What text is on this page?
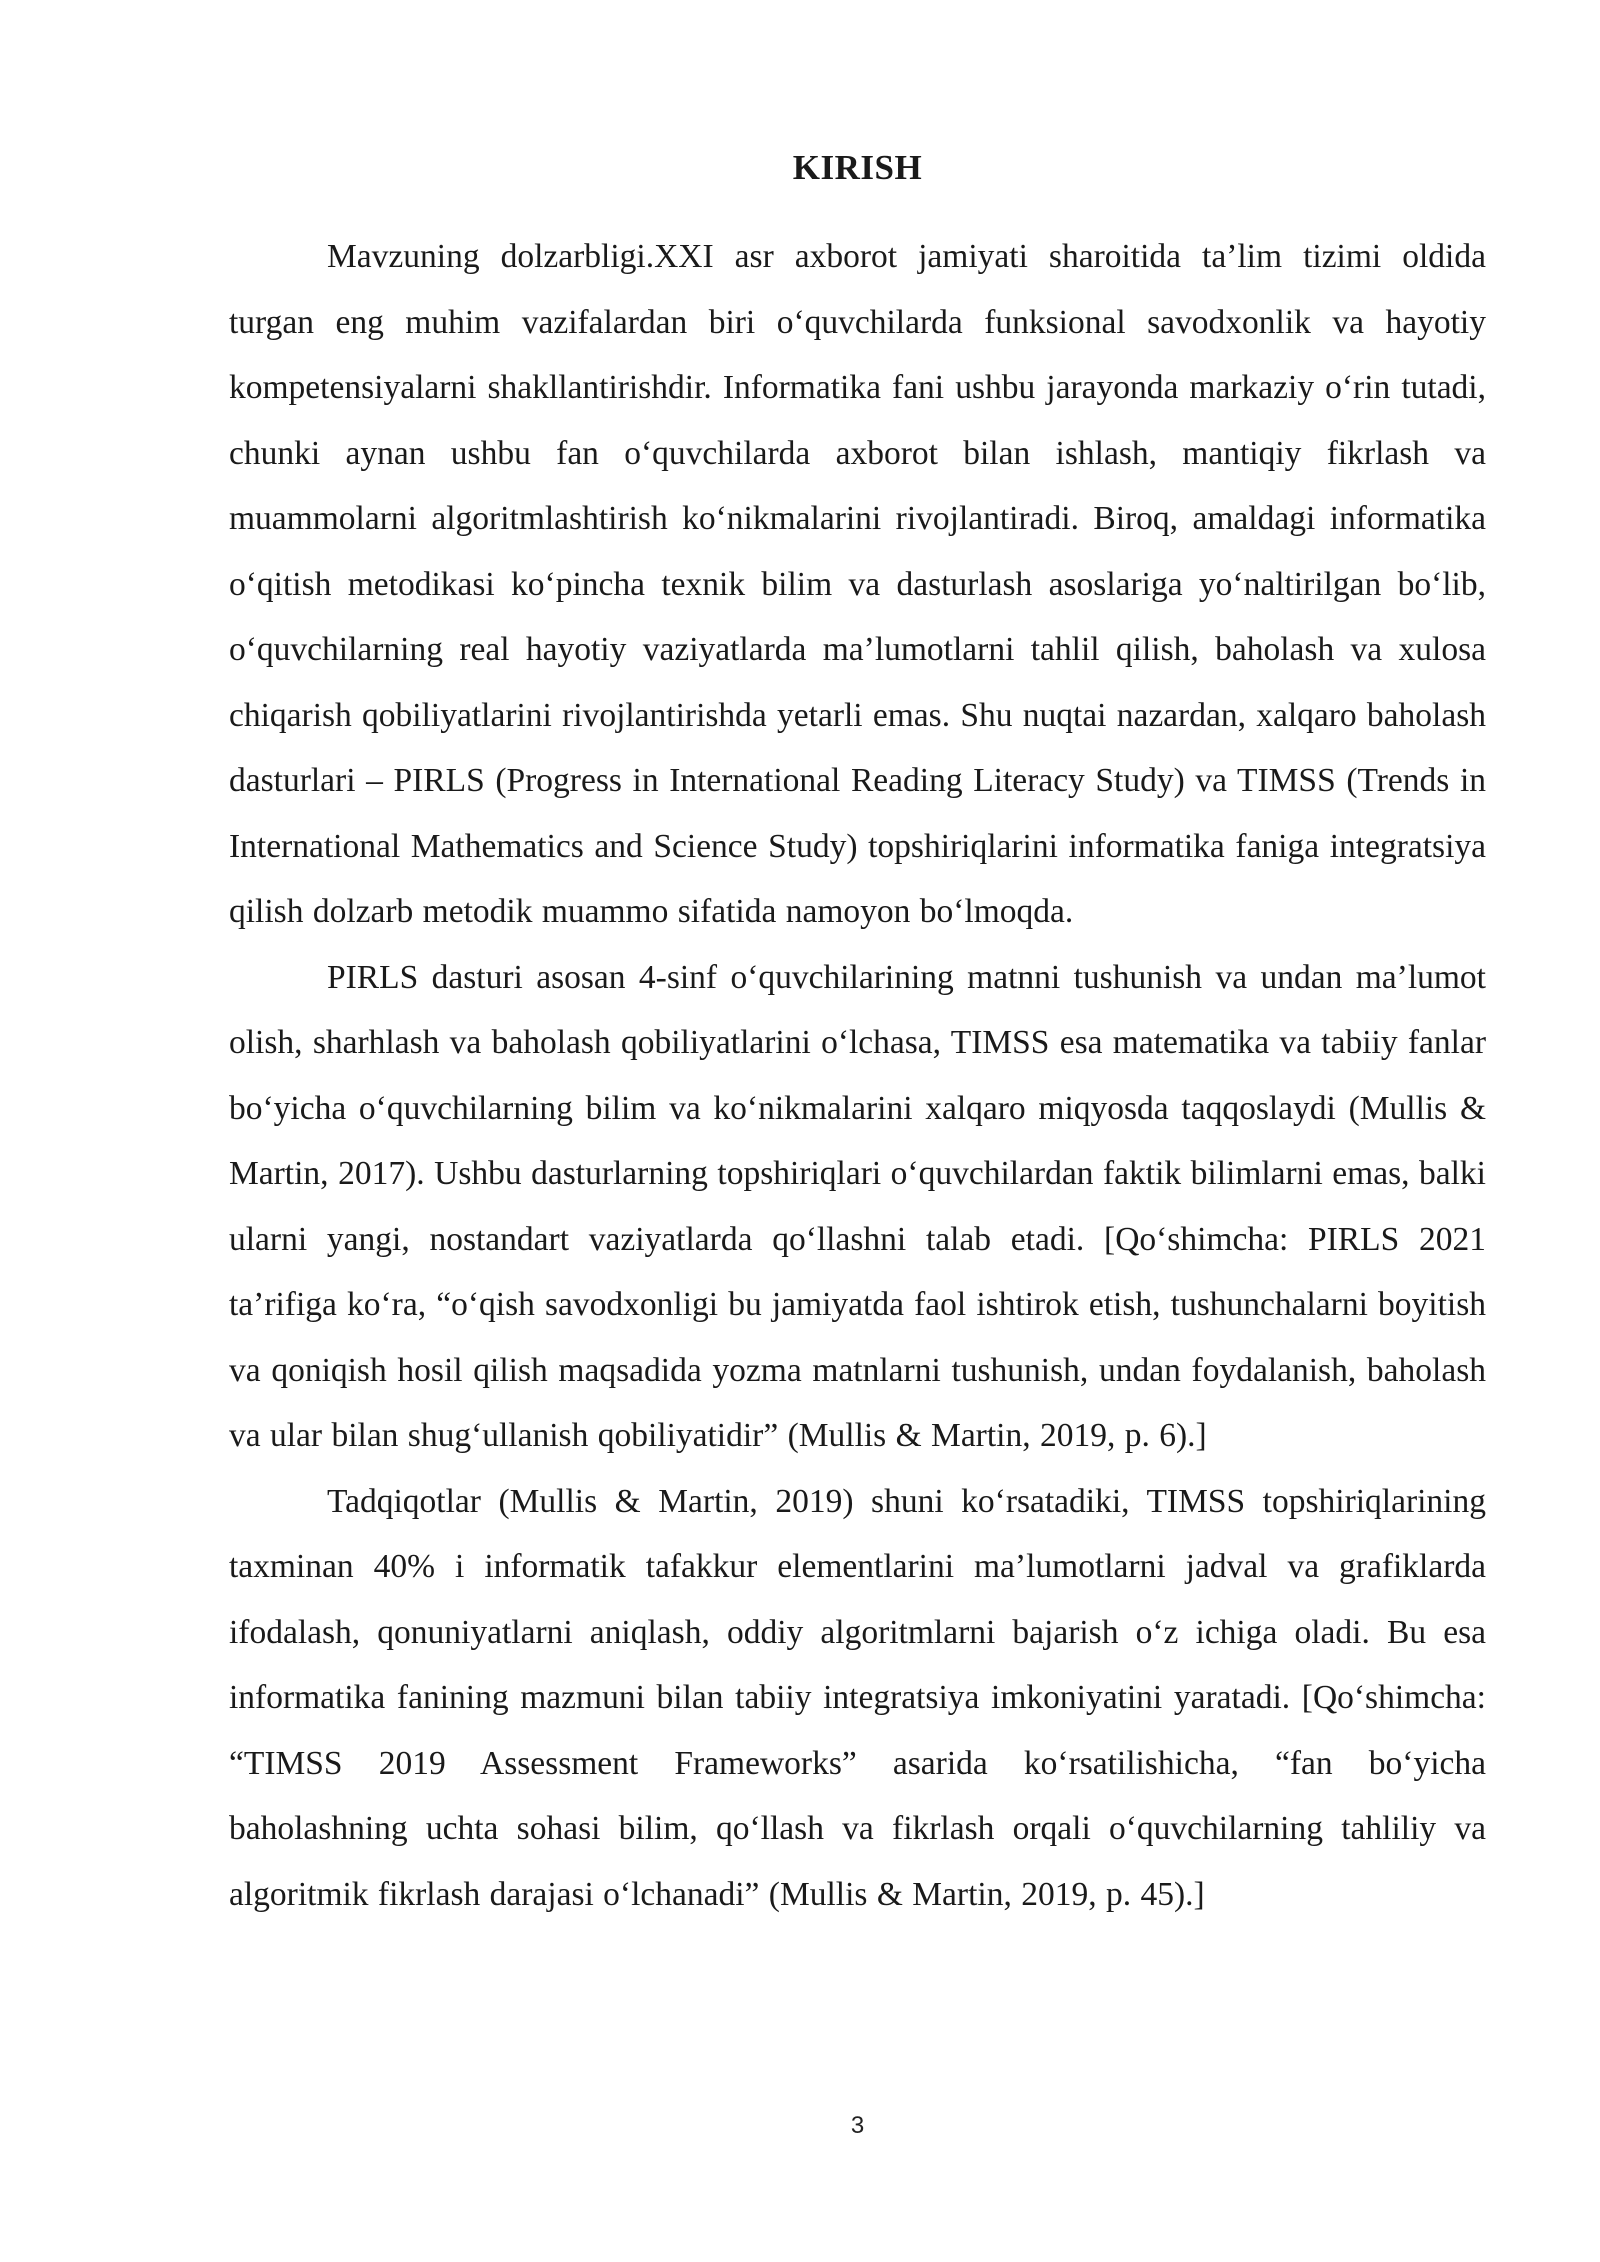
KIRISH

Mavzuning dolzarbligi.XXI asr axborot jamiyati sharoitida ta’lim tizimi oldida turgan eng muhim vazifalardan biri o‘quvchilarda funksional savodxonlik va hayotiy kompetensiyalarni shakllantirishdir. Informatika fani ushbu jarayonda markaziy o‘rin tutadi, chunki aynan ushbu fan o‘quvchilarda axborot bilan ishlash, mantiqiy fikrlash va muammolarni algoritmlashtirish ko‘nikmalarini rivojlantiradi. Biroq, amaldagi informatika o‘qitish metodikasi ko‘pincha texnik bilim va dasturlash asoslariga yo‘naltirilgan bo‘lib, o‘quvchilarning real hayotiy vaziyatlarda ma’lumotlarni tahlil qilish, baholash va xulosa chiqarish qobiliyatlarini rivojlantirishda yetarli emas. Shu nuqtai nazardan, xalqaro baholash dasturlari – PIRLS (Progress in International Reading Literacy Study) va TIMSS (Trends in International Mathematics and Science Study) topshiriqlarini informatika faniga integratsiya qilish dolzarb metodik muammo sifatida namoyon bo‘lmoqda.

PIRLS dasturi asosan 4-sinf o‘quvchilarining matnni tushunish va undan ma’lumot olish, sharhlash va baholash qobiliyatlarini o‘lchasa, TIMSS esa matematika va tabiiy fanlar bo‘yicha o‘quvchilarning bilim va ko‘nikmalarini xalqaro miqyosda taqqoslaydi (Mullis & Martin, 2017). Ushbu dasturlarning topshiriqlari o‘quvchilardan faktik bilimlarni emas, balki ularni yangi, nostandart vaziyatlarda qo‘llashni talab etadi. [Qo‘shimcha: PIRLS 2021 ta’rifiga ko‘ra, “o‘qish savodxonligi bu jamiyatda faol ishtirok etish, tushunchalarni boyitish va qoniqish hosil qilish maqsadida yozma matnlarni tushunish, undan foydalanish, baholash va ular bilan shug‘ullanish qobiliyatidir” (Mullis & Martin, 2019, p. 6).]

Tadqiqotlar (Mullis & Martin, 2019) shuni ko‘rsatadiki, TIMSS topshiriqlarining taxminan 40% i informatik tafakkur elementlarini ma’lumotlarni jadval va grafiklarda ifodalash, qonuniyatlarni aniqlash, oddiy algoritmlarni bajarish o‘z ichiga oladi. Bu esa informatika fanining mazmuni bilan tabiiy integratsiya imkoniyatini yaratadi. [Qo‘shimcha: “TIMSS 2019 Assessment Frameworks” asarida ko‘rsatilishicha, “fan bo‘yicha baholashning uchta sohasi bilim, qo‘llash va fikrlash orqali o‘quvchilarning tahliliy va algoritmik fikrlash darajasi o‘lchanadi” (Mullis & Martin, 2019, p. 45).]

3
